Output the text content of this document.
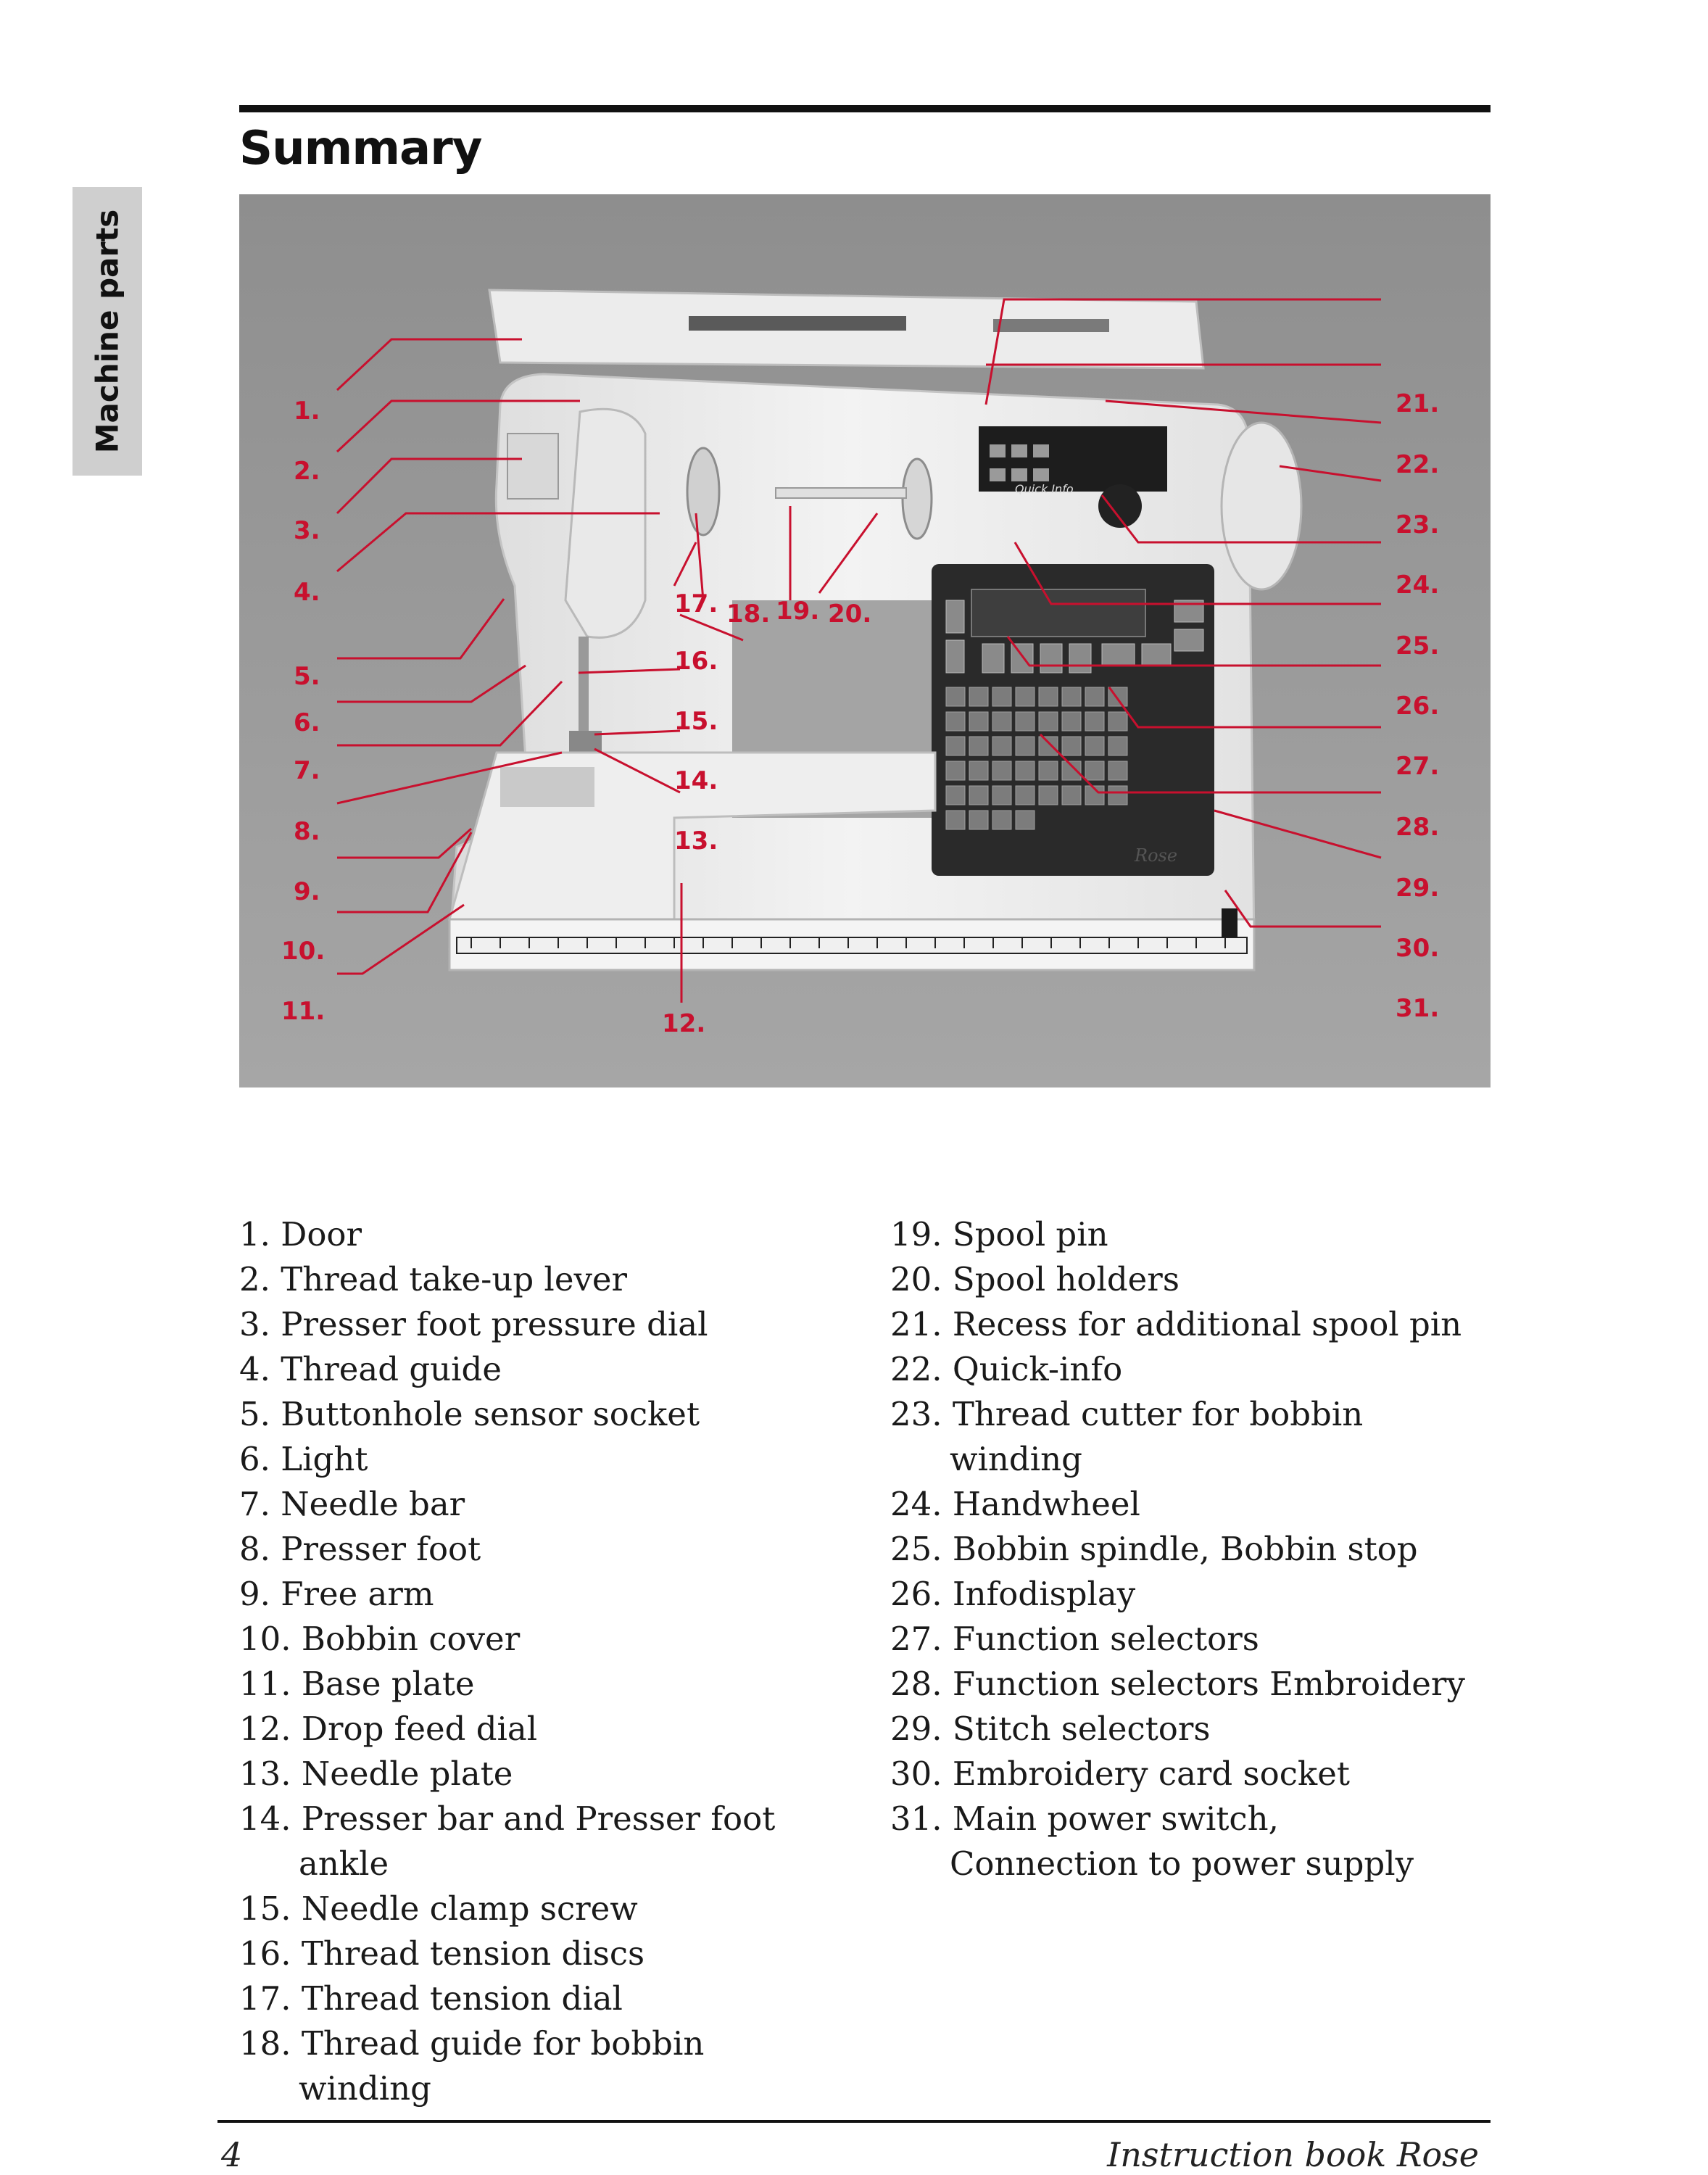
Summary
Machine parts
Quick Info
Rose
1.
2.
3.
4.
5.
6.
7.
8.
9.
10.
11.
21.
22.
23.
24.
25.
26.
27.
28.
29.
30.
31.
17. 18. 19. 20.
16.
15.
14.
13.
12.
1. Door
2. Thread take-up lever
3. Presser foot pressure dial
4. Thread guide
5. Buttonhole sensor socket
6. Light
7. Needle bar
8. Presser foot
9. Free arm
10. Bobbin cover
11. Base plate
12. Drop feed dial
13. Needle plate
14. Presser bar and Presser foot
ankle
15. Needle clamp screw
16. Thread tension discs
17. Thread tension dial
18. Thread guide for bobbin
winding
19. Spool pin
20. Spool holders
21. Recess for additional spool pin
22. Quick-info
23. Thread cutter for bobbin
winding
24. Handwheel
25. Bobbin spindle, Bobbin stop
26. Infodisplay
27. Function selectors
28. Function selectors Embroidery
29. Stitch selectors
30. Embroidery card socket
31. Main power switch,
Connection to power supply
4	Instruction book Rose
